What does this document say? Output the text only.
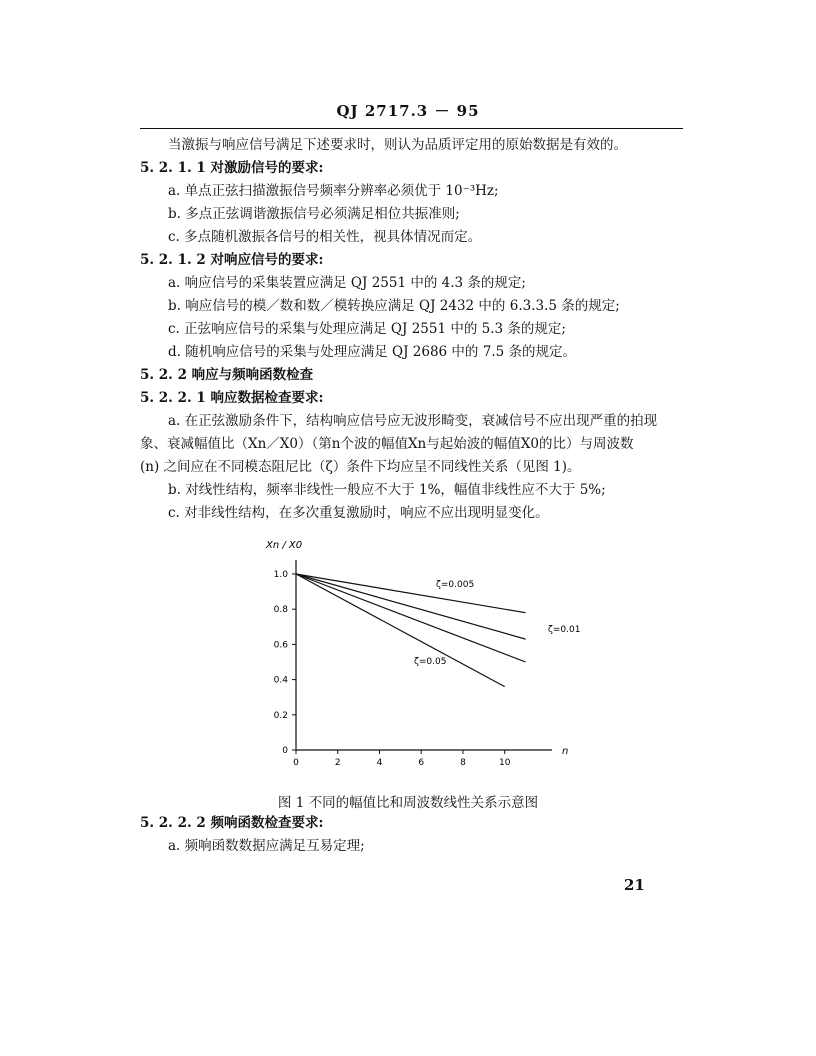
QJ 2717.3 － 95
当激振与响应信号满足下述要求时，则认为品质评定用的原始数据是有效的。
5. 2. 1. 1 对激励信号的要求:
a. 单点正弦扫描激振信号频率分辨率必须优于 10⁻³Hz;
b. 多点正弦调谐激振信号必须满足相位共振准则;
c. 多点随机激振各信号的相关性，视具体情况而定。
5. 2. 1. 2 对响应信号的要求:
a. 响应信号的采集装置应满足 QJ 2551 中的 4.3 条的规定;
b. 响应信号的模／数和数／模转换应满足 QJ 2432 中的 6.3.3.5 条的规定;
c. 正弦响应信号的采集与处理应满足 QJ 2551 中的 5.3 条的规定;
d. 随机响应信号的采集与处理应满足 QJ 2686 中的 7.5 条的规定。
5. 2. 2 响应与频响函数检查
5. 2. 2. 1 响应数据检查要求:
a. 在正弦激励条件下，结构响应信号应无波形畸变，衰减信号不应出现严重的拍现
象、衰减幅值比（Xn／X0）（第n个波的幅值Xn与起始波的幅值X0的比）与周波数
(n) 之间应在不同模态阻尼比（ζ）条件下均应呈不同线性关系（见图 1)。
b. 对线性结构，频率非线性一般应不大于 1%，幅值非线性应不大于 5%;
c. 对非线性结构，在多次重复激励时，响应不应出现明显变化。
Xn / X0
n
0
0.2
0.4
0.6
0.8
1.0
0	2	4	6	8	10
ζ=0.005
ζ=0.01
ζ=0.05
图 1 不同的幅值比和周波数线性关系示意图
5. 2. 2. 2 频响函数检查要求:
a. 频响函数数据应满足互易定理;
21
